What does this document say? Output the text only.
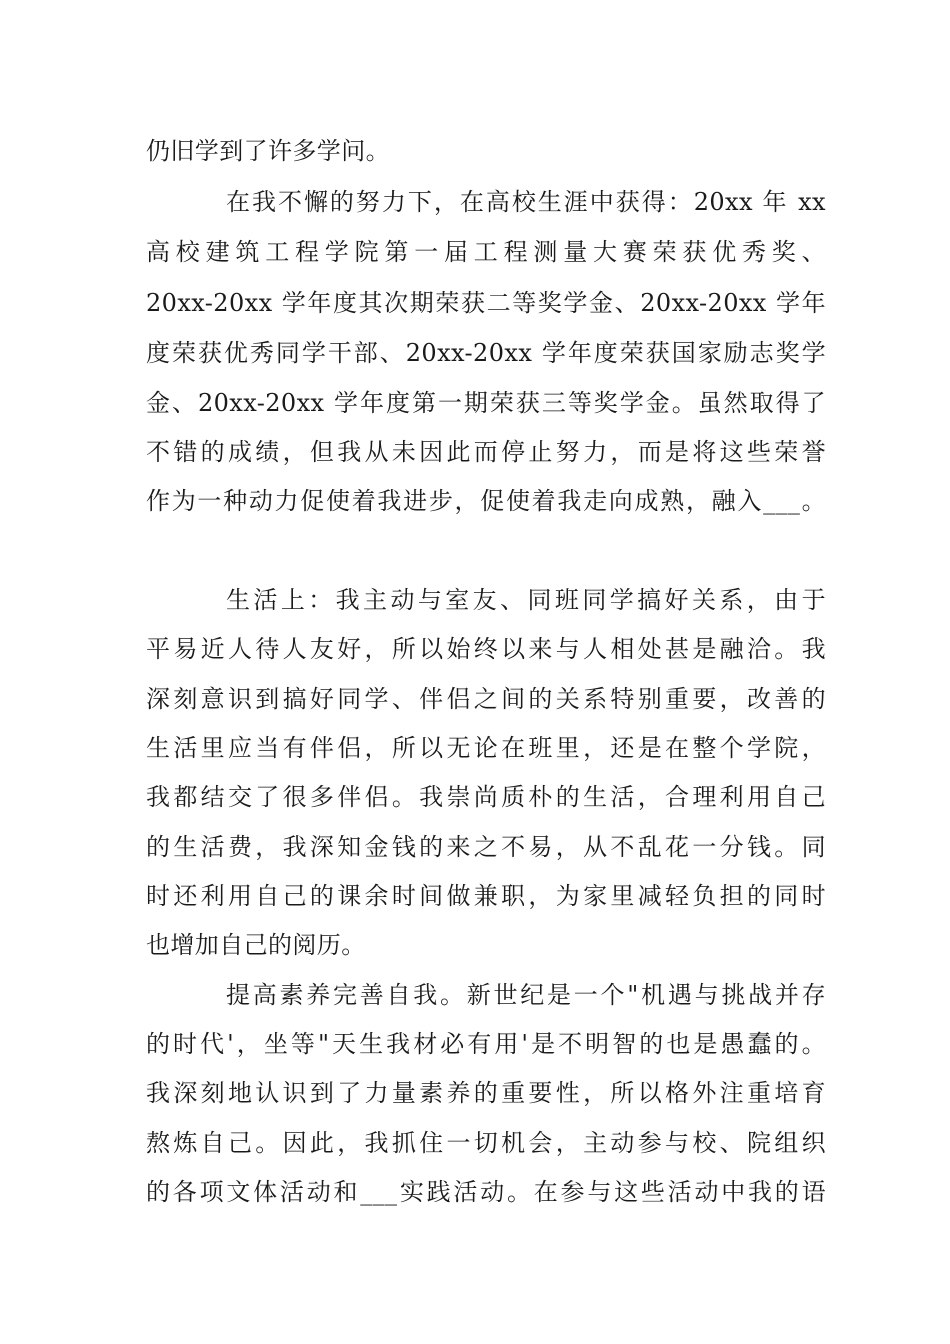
仍旧学到了许多学问。
在我不懈的努力下，在高校生涯中获得：20xx 年 xx
高校建筑工程学院第一届工程测量大赛荣获优秀奖、
20xx-20xx 学年度其次期荣获二等奖学金、20xx-20xx 学年
度荣获优秀同学干部、20xx-20xx 学年度荣获国家励志奖学
金、20xx-20xx 学年度第一期荣获三等奖学金。虽然取得了
不错的成绩，但我从未因此而停止努力，而是将这些荣誉
作为一种动力促使着我进步，促使着我走向成熟，融入___。
生活上：我主动与室友、同班同学搞好关系，由于
平易近人待人友好，所以始终以来与人相处甚是融洽。我
深刻意识到搞好同学、伴侣之间的关系特别重要，改善的
生活里应当有伴侣，所以无论在班里，还是在整个学院，
我都结交了很多伴侣。我崇尚质朴的生活，合理利用自己
的生活费，我深知金钱的来之不易，从不乱花一分钱。同
时还利用自己的课余时间做兼职，为家里减轻负担的同时
也增加自己的阅历。
提高素养完善自我。新世纪是一个"机遇与挑战并存
的时代'，坐等"天生我材必有用'是不明智的也是愚蠢的。
我深刻地认识到了力量素养的重要性，所以格外注重培育
熬炼自己。因此，我抓住一切机会，主动参与校、院组织
的各项文体活动和___实践活动。在参与这些活动中我的语
